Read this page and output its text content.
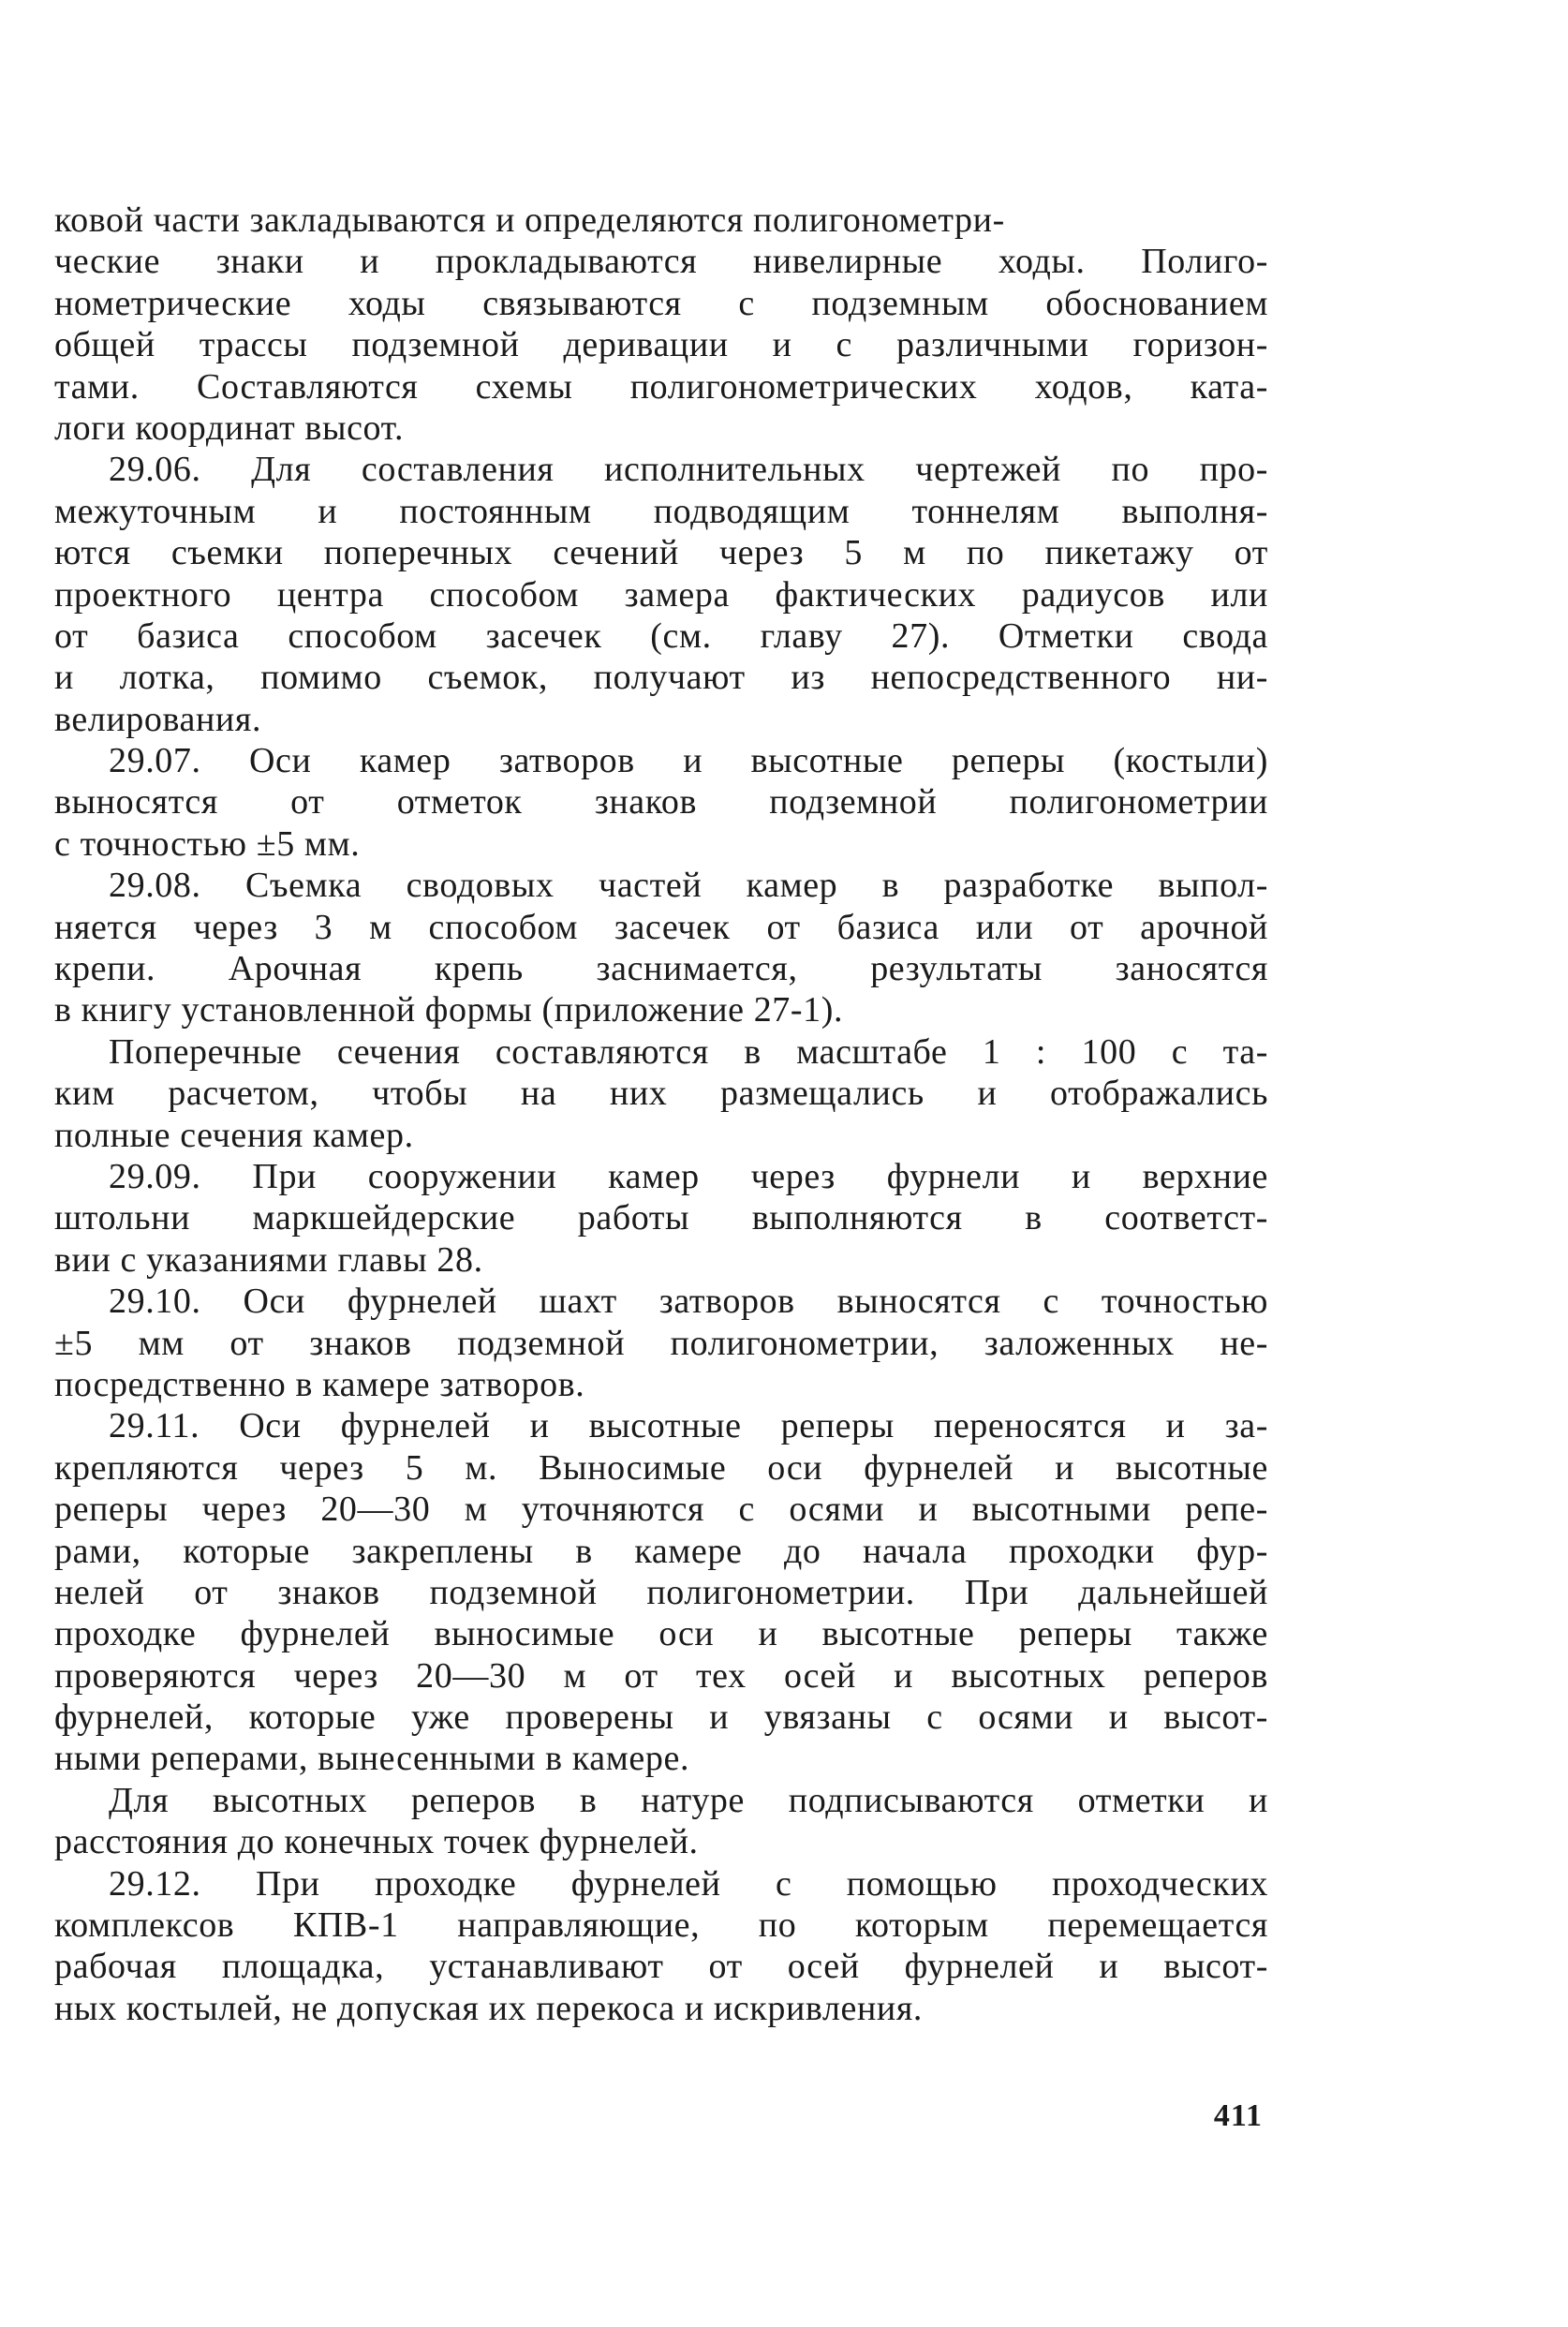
ковой части закладываются и определяются полигонометри-
ческие знаки и прокладываются нивелирные ходы. Полиго-
нометрические ходы связываются с подземным обоснованием
общей трассы подземной деривации и с различными горизон-
тами. Составляются схемы полигонометрических ходов, ката-
логи координат высот.
29.06. Для составления исполнительных чертежей по про-
межуточным и постоянным подводящим тоннелям выполня-
ются съемки поперечных сечений через 5 м по пикетажу от
проектного центра способом замера фактических радиусов или
от базиса способом засечек (см. главу 27). Отметки свода
и лотка, помимо съемок, получают из непосредственного ни-
велирования.
29.07. Оси камер затворов и высотные реперы (костыли)
выносятся от отметок знаков подземной полигонометрии
с точностью ±5 мм.
29.08. Съемка сводовых частей камер в разработке выпол-
няется через 3 м способом засечек от базиса или от арочной
крепи. Арочная крепь заснимается, результаты заносятся
в книгу установленной формы (приложение 27-1).
Поперечные сечения составляются в масштабе 1 : 100 с та-
ким расчетом, чтобы на них размещались и отображались
полные сечения камер.
29.09. При сооружении камер через фурнели и верхние
штольни маркшейдерские работы выполняются в соответст-
вии с указаниями главы 28.
29.10. Оси фурнелей шахт затворов выносятся с точностью
±5 мм от знаков подземной полигонометрии, заложенных не-
посредственно в камере затворов.
29.11. Оси фурнелей и высотные реперы переносятся и за-
крепляются через 5 м. Выносимые оси фурнелей и высотные
реперы через 20—30 м уточняются с осями и высотными репе-
рами, которые закреплены в камере до начала проходки фур-
нелей от знаков подземной полигонометрии. При дальнейшей
проходке фурнелей выносимые оси и высотные реперы также
проверяются через 20—30 м от тех осей и высотных реперов
фурнелей, которые уже проверены и увязаны с осями и высот-
ными реперами, вынесенными в камере.
Для высотных реперов в натуре подписываются отметки и
расстояния до конечных точек фурнелей.
29.12. При проходке фурнелей с помощью проходческих
комплексов КПВ-1 направляющие, по которым перемещается
рабочая площадка, устанавливают от осей фурнелей и высот-
ных костылей, не допуская их перекоса и искривления.
411
